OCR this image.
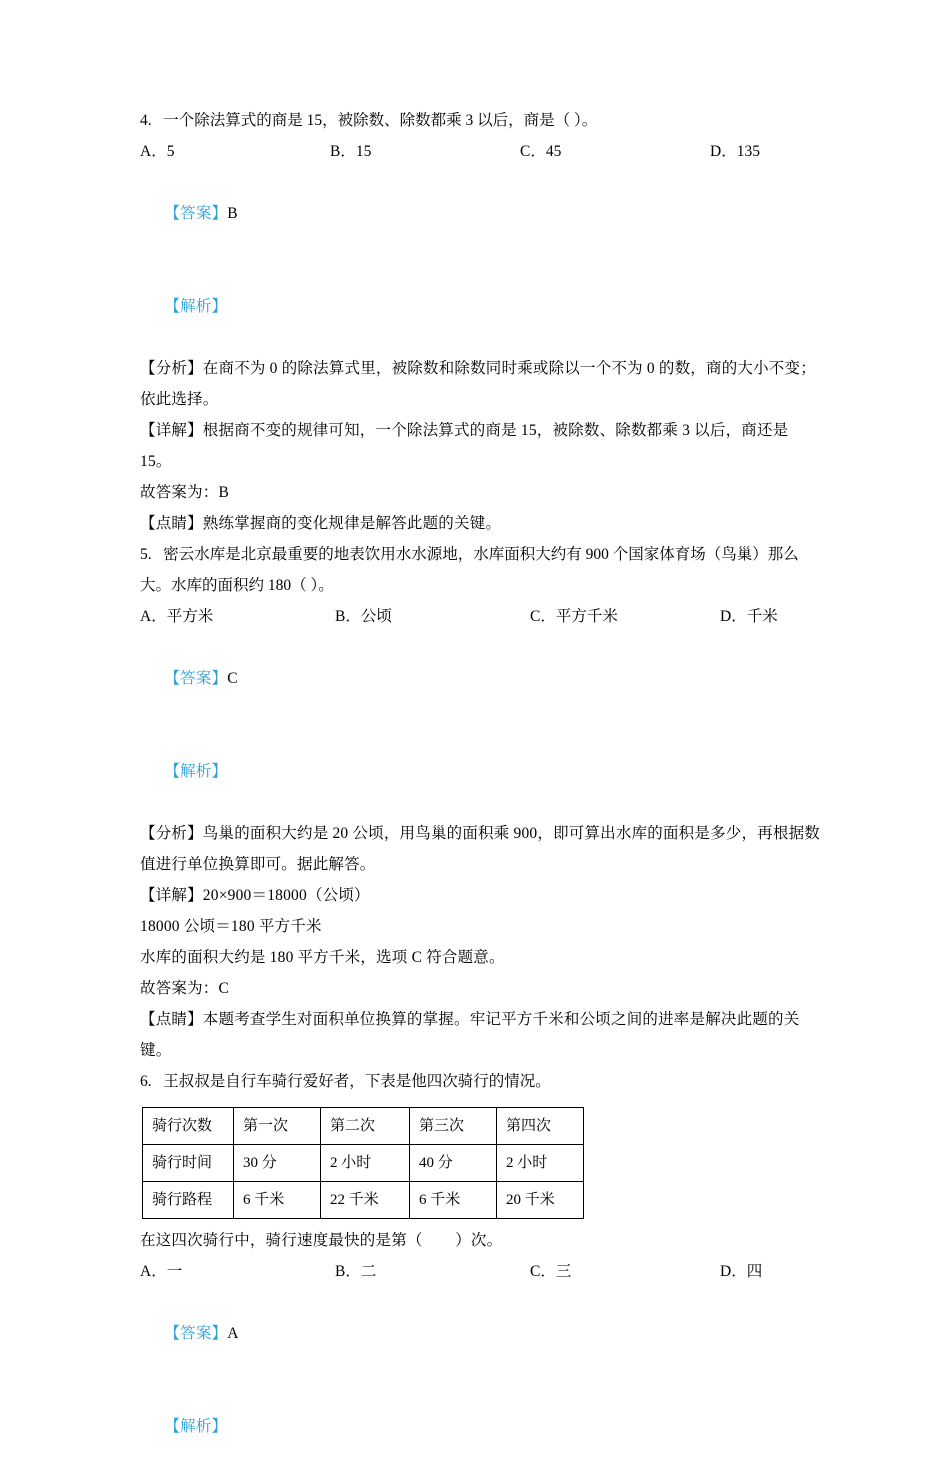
4. 一个除法算式的商是 15，被除数、除数都乘 3 以后，商是（ ）。
A．5	B．15	C．45	D．135

【答案】B

【解析】

【分析】在商不为 0 的除法算式里，被除数和除数同时乘或除以一个不为 0 的数，商的大小不变；依此选择。
【详解】根据商不变的规律可知，一个除法算式的商是 15，被除数、除数都乘 3 以后，商还是 15。
故答案为：B
【点睛】熟练掌握商的变化规律是解答此题的关键。
5. 密云水库是北京最重要的地表饮用水水源地，水库面积大约有 900 个国家体育场（鸟巢）那么大。水库的面积约 180（ ）。
A．平方米	B．公顷	C．平方千米	D．千米

【答案】C

【解析】

【分析】鸟巢的面积大约是 20 公顷，用鸟巢的面积乘 900，即可算出水库的面积是多少，再根据数值进行单位换算即可。据此解答。
【详解】20×900＝18000（公顷）
18000 公顷＝180 平方千米
水库的面积大约是 180 平方千米，选项 C 符合题意。
故答案为：C
【点睛】本题考查学生对面积单位换算的掌握。牢记平方千米和公顷之间的进率是解决此题的关键。
6. 王叔叔是自行车骑行爱好者，下表是他四次骑行的情况。
骑行次数	第一次	第二次	第三次	第四次
骑行时间	30 分	2 小时	40 分	2 小时
骑行路程	6 千米	22 千米	6 千米	20 千米
在这四次骑行中，骑行速度最快的是第（        ）次。
A．一	B．二	C．三	D．四

【答案】A

【解析】
